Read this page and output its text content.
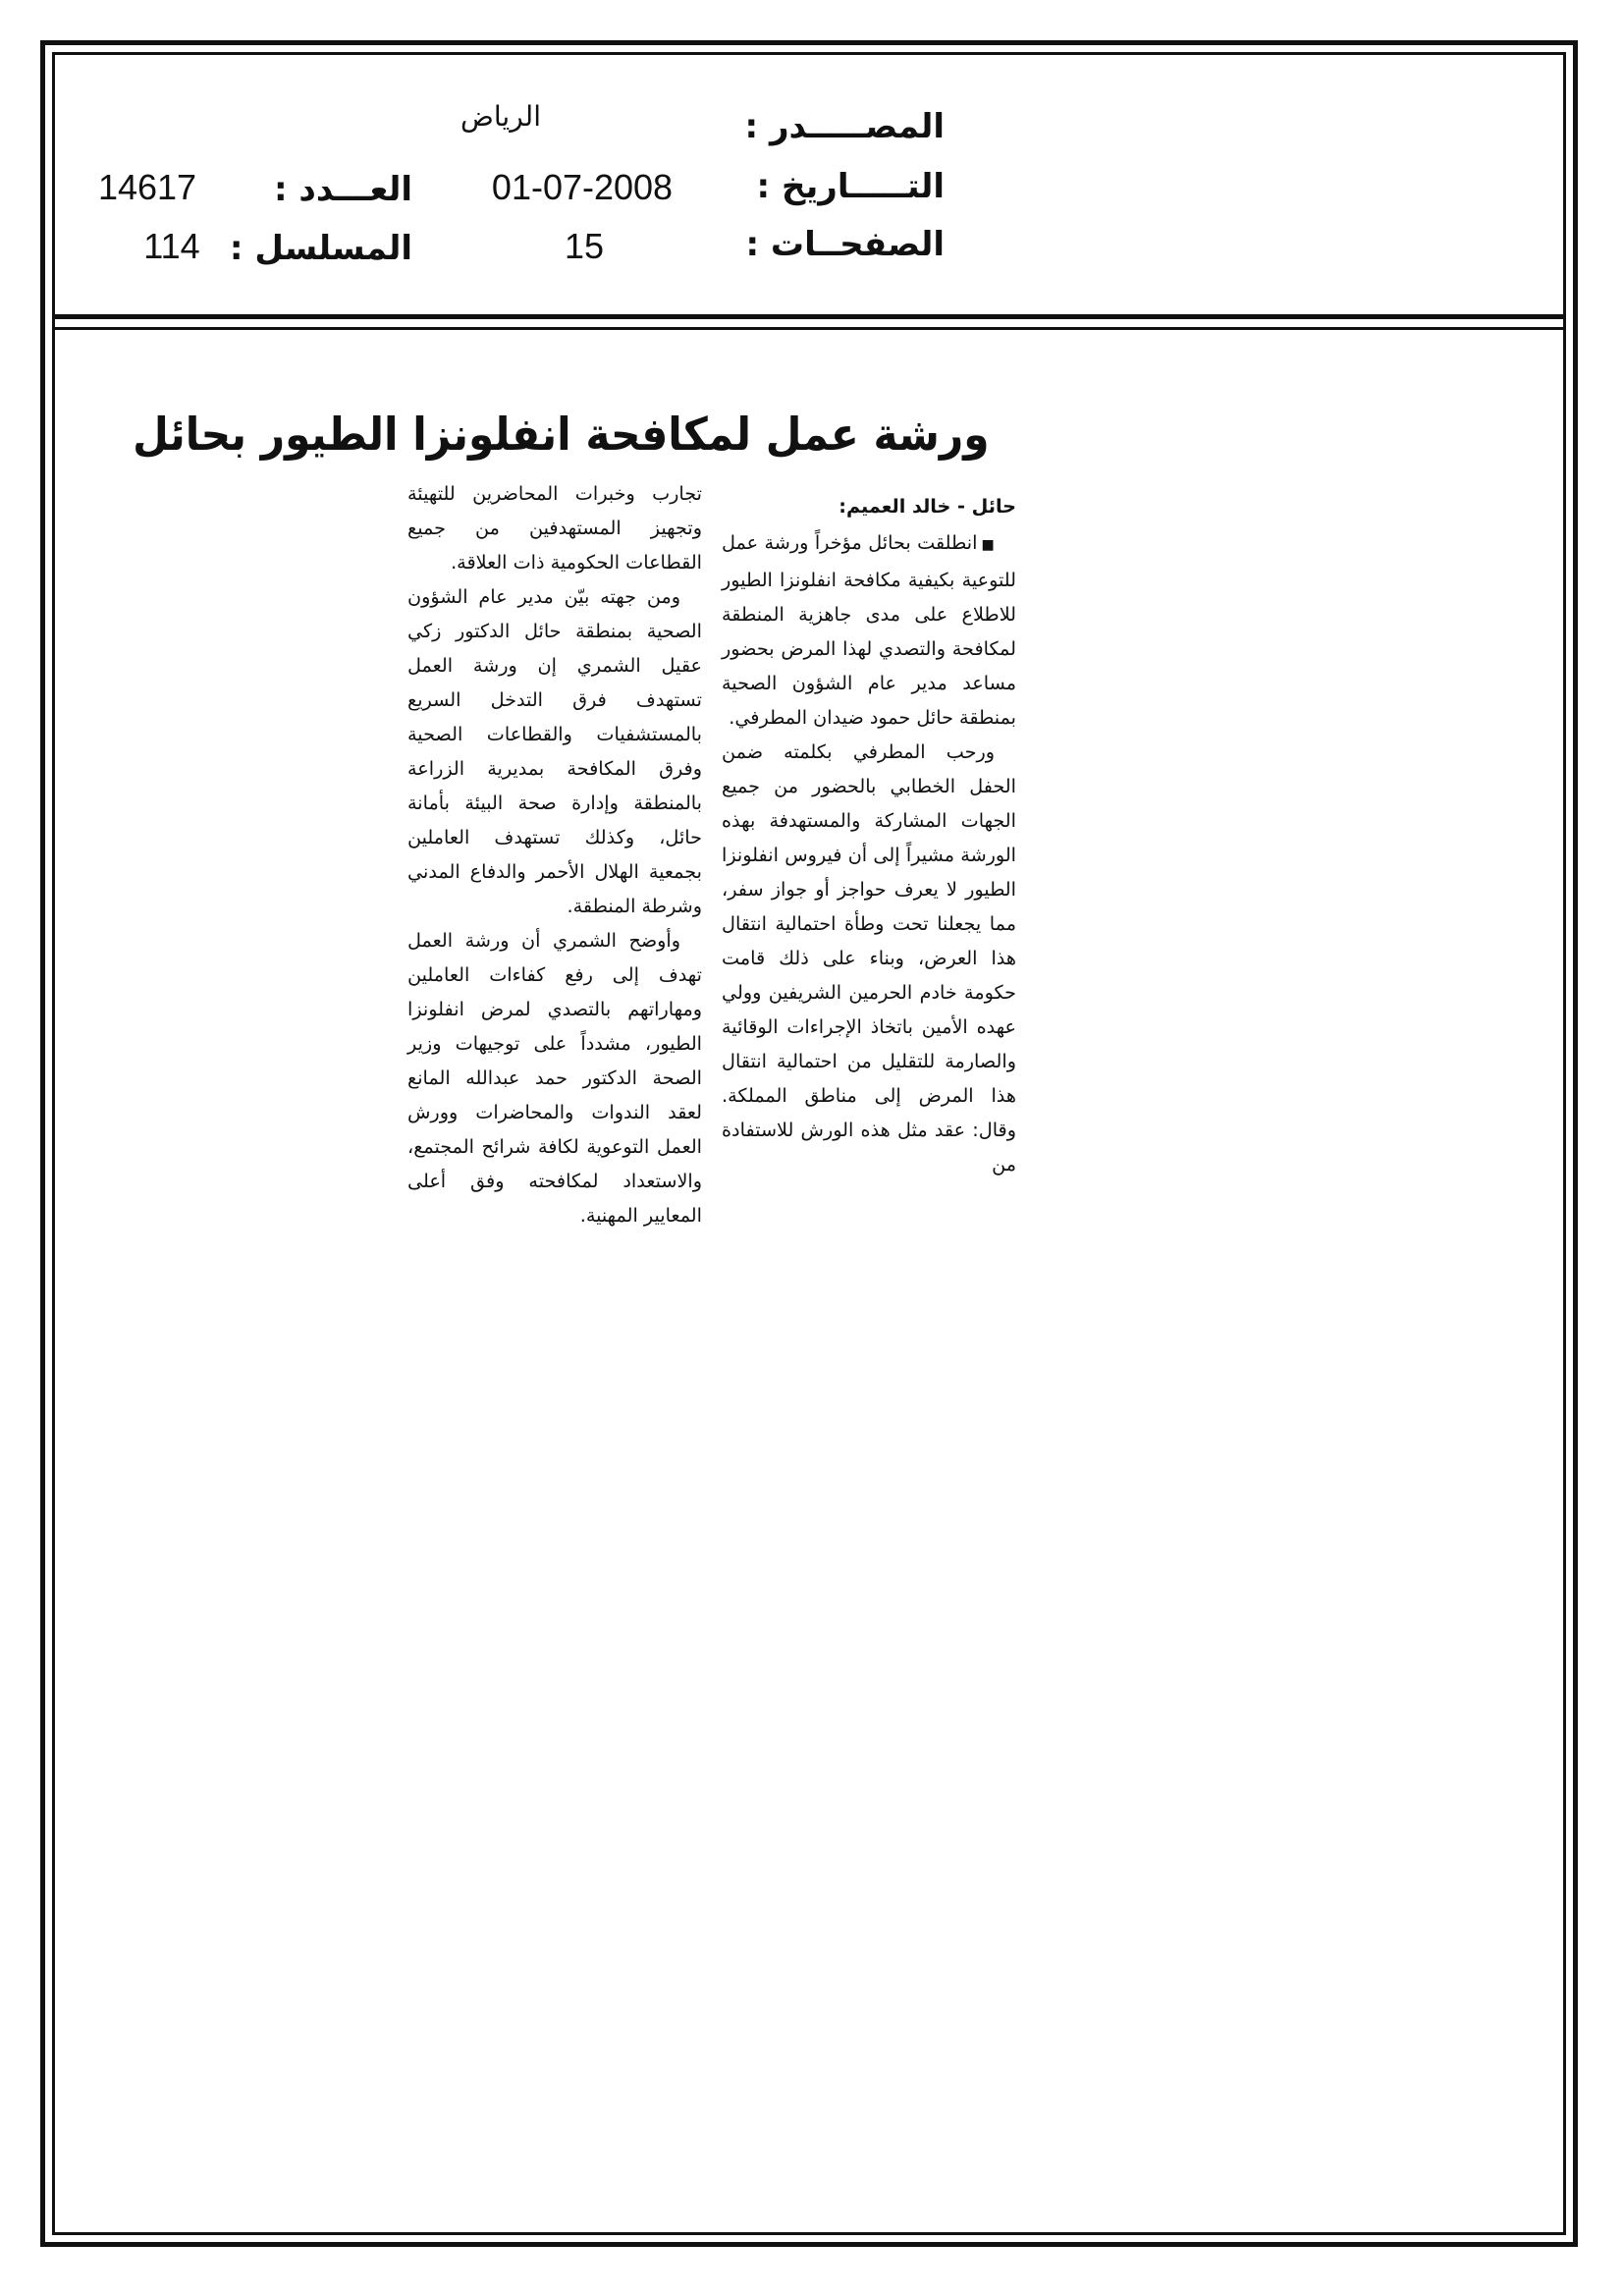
المصـــــدر :
الرياض
التـــــاريخ :
01-07-2008
العـــدد :
14617
الصفحــات :
15
المسلسل :
114
ورشة عمل لمكافحة انفلونزا الطيور بحائل
حائل - خالد العميم:

■انطلقت بحائل مؤخراً ورشة عمل للتوعية بكيفية مكافحة انفلونزا الطيور للاطلاع على مدى جاهزية المنطقة لمكافحة والتصدي لهذا المرض بحضور مساعد مدير عام الشؤون الصحية بمنطقة حائل حمود ضيدان المطرفي.

ورحب المطرفي بكلمته ضمن الحفل الخطابي بالحضور من جميع الجهات المشاركة والمستهدفة بهذه الورشة مشيراً إلى أن فيروس انفلونزا الطيور لا يعرف حواجز أو جواز سفر، مما يجعلنا تحت وطأة احتمالية انتقال هذا العرض، وبناء على ذلك قامت حكومة خادم الحرمين الشريفين وولي عهده الأمين باتخاذ الإجراءات الوقائية والصارمة للتقليل من احتمالية انتقال هذا المرض إلى مناطق المملكة. وقال: عقد مثل هذه الورش للاستفادة من

تجارب وخبرات المحاضرين للتهيئة وتجهيز المستهدفين من جميع القطاعات الحكومية ذات العلاقة.

ومن جهته بيّن مدير عام الشؤون الصحية بمنطقة حائل الدكتور زكي عقيل الشمري إن ورشة العمل تستهدف فرق التدخل السريع بالمستشفيات والقطاعات الصحية وفرق المكافحة بمديرية الزراعة بالمنطقة وإدارة صحة البيئة بأمانة حائل، وكذلك تستهدف العاملين بجمعية الهلال الأحمر والدفاع المدني وشرطة المنطقة.

وأوضح الشمري أن ورشة العمل تهدف إلى رفع كفاءات العاملين ومهاراتهم بالتصدي لمرض انفلونزا الطيور، مشدداً على توجيهات وزير الصحة الدكتور حمد عبدالله المانع لعقد الندوات والمحاضرات وورش العمل التوعوية لكافة شرائح المجتمع، والاستعداد لمكافحته وفق أعلى المعايير المهنية.
